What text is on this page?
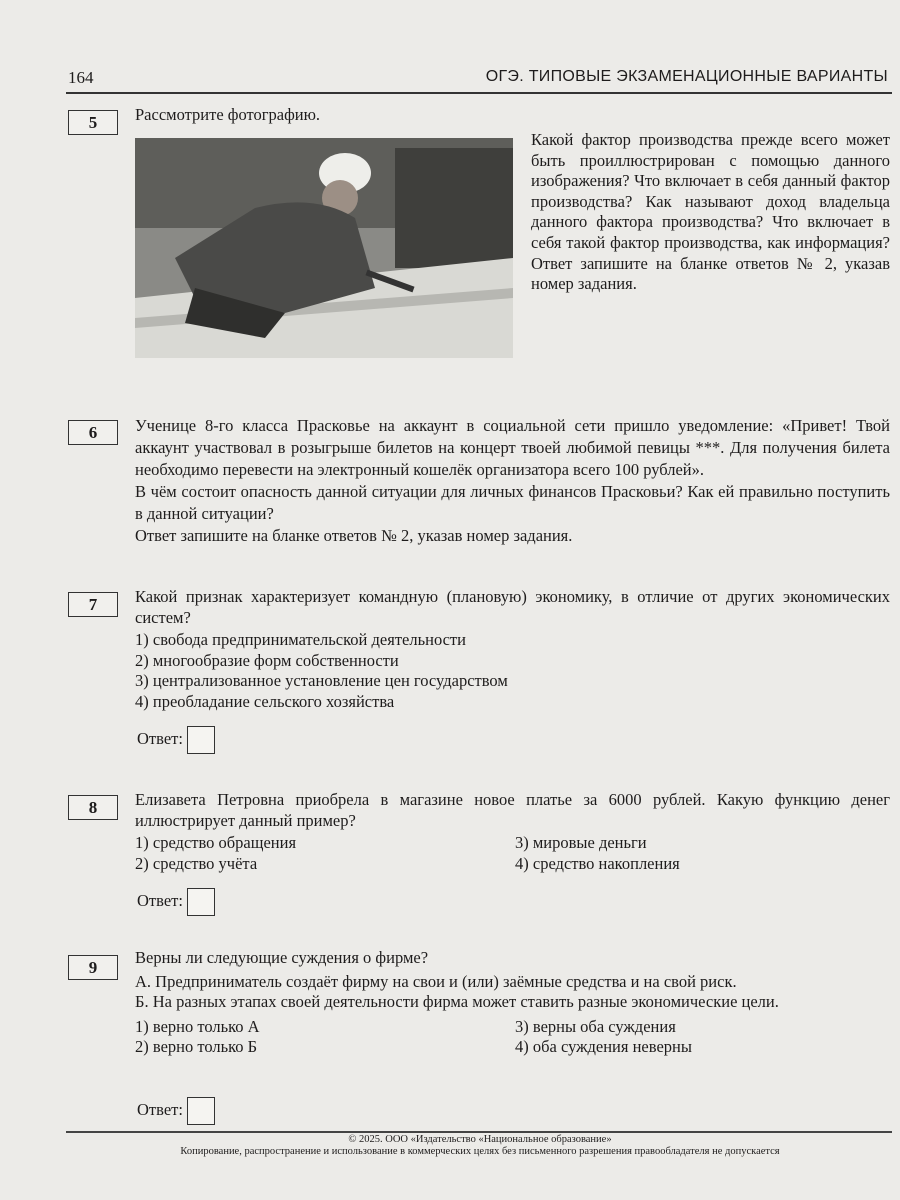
164	ОГЭ. ТИПОВЫЕ ЭКЗАМЕНАЦИОННЫЕ ВАРИАНТЫ
5	Рассмотрите фотографию.
Какой фактор производства прежде всего может быть проиллюстрирован с помощью данного изображения? Что включает в себя данный фактор производства? Как называют доход владельца данного фактора производства? Что включает в себя такой фактор производства, как информация? Ответ запишите на бланке ответов № 2, указав номер задания.
6	Ученице 8-го класса Прасковье на аккаунт в социальной сети пришло уведомление: «Привет! Твой аккаунт участвовал в розыгрыше билетов на концерт твоей любимой певицы ***. Для получения билета необходимо перевести на электронный кошелёк организатора всего 100 рублей».
В чём состоит опасность данной ситуации для личных финансов Прасковьи? Как ей правильно поступить в данной ситуации?
Ответ запишите на бланке ответов № 2, указав номер задания.
7	Какой признак характеризует командную (плановую) экономику, в отличие от других экономических систем?
1) свобода предпринимательской деятельности
2) многообразие форм собственности
3) централизованное установление цен государством
4) преобладание сельского хозяйства
Ответ:
8	Елизавета Петровна приобрела в магазине новое платье за 6000 рублей. Какую функцию денег иллюстрирует данный пример?
1) средство обращения	3) мировые деньги
2) средство учёта	4) средство накопления
Ответ:
9
Верны ли следующие суждения о фирме?
А. Предприниматель создаёт фирму на свои и (или) заёмные средства и на свой риск.
Б. На разных этапах своей деятельности фирма может ставить разные экономические цели.
1) верно только А	3) верны оба суждения
2) верно только Б	4) оба суждения неверны
Ответ:
© 2025. ООО «Издательство «Национальное образование»
Копирование, распространение и использование в коммерческих целях без письменного разрешения правообладателя не допускается
